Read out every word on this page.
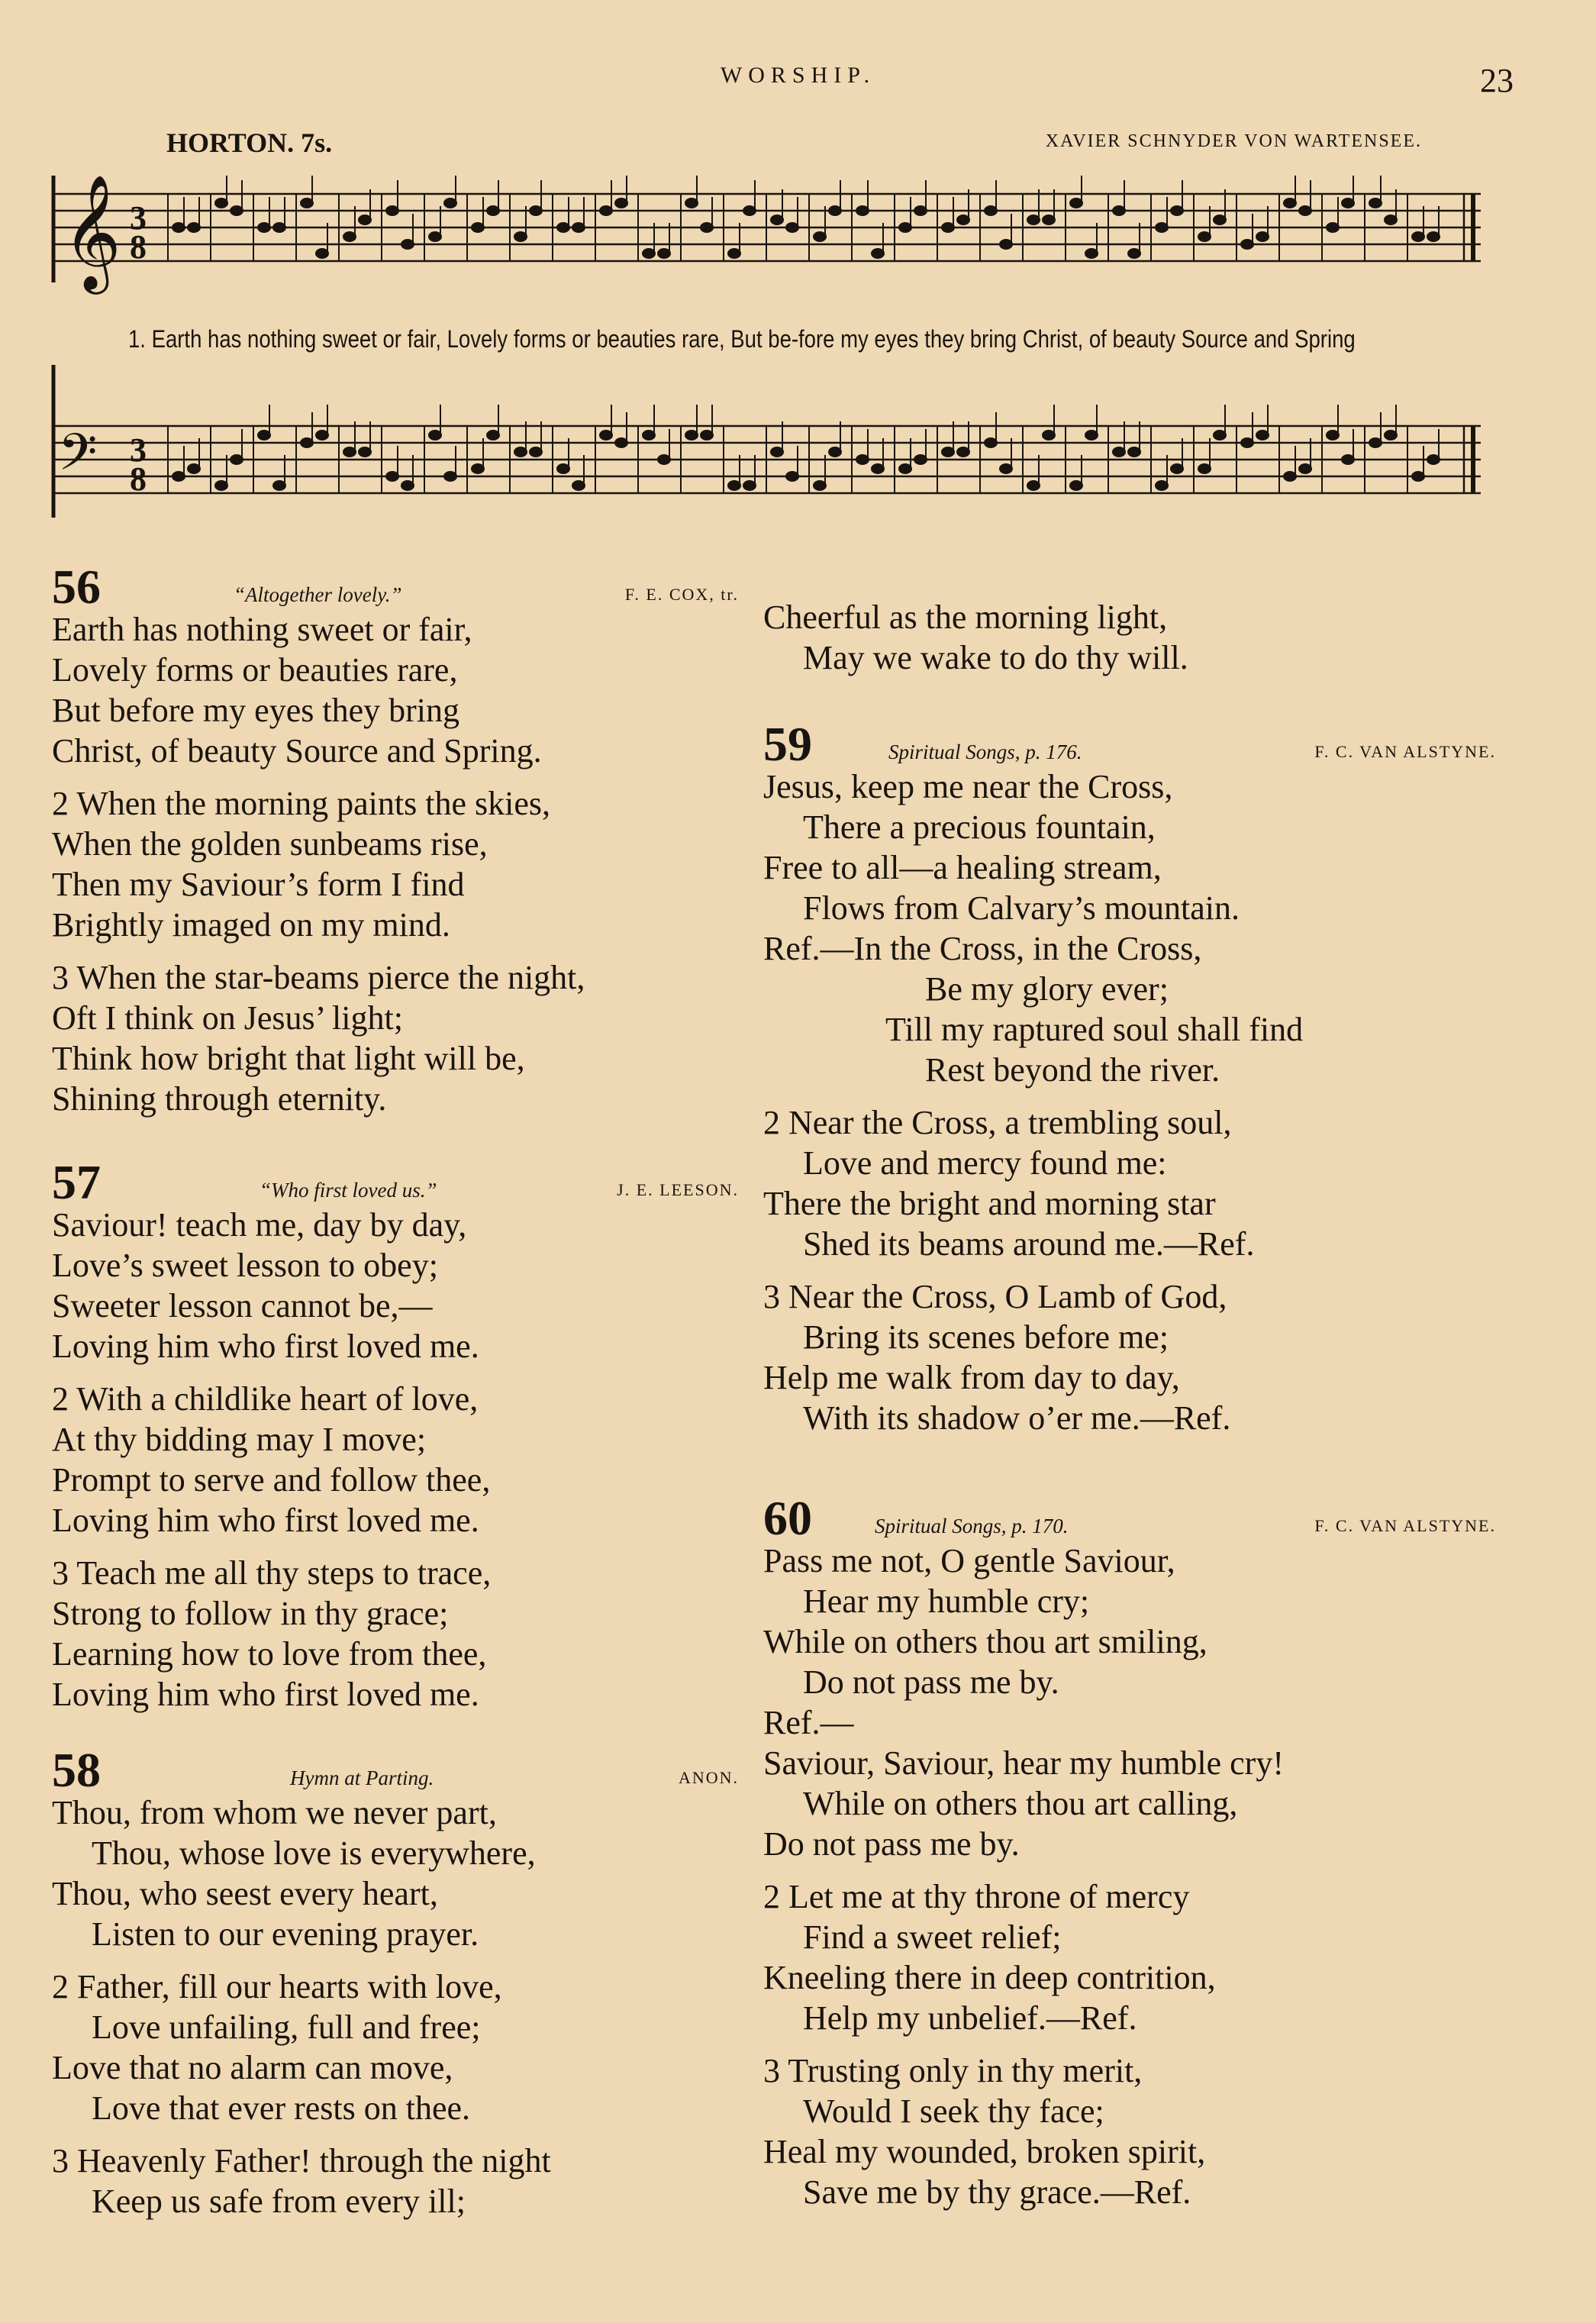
WORSHIP.	23
HORTON. 7s.	XAVIER SCHNYDER VON WARTENSEE.
𝄞 3
8
1. Earth has nothing sweet or fair, Lovely forms or beauties rare, But be-fore my eyes they bring Christ, of beauty Source and Spring
𝄢 3
8
56	“Altogether lovely.”	F. E. COX, tr.
Earth has nothing sweet or fair,
Lovely forms or beauties rare,
But before my eyes they bring
Christ, of beauty Source and Spring.
2 When the morning paints the skies,
When the golden sunbeams rise,
Then my Saviour’s form I find
Brightly imaged on my mind.
3 When the star-beams pierce the night,
Oft I think on Jesus’ light;
Think how bright that light will be,
Shining through eternity.
57	“Who first loved us.”	J. E. LEESON.
Saviour! teach me, day by day,
Love’s sweet lesson to obey;
Sweeter lesson cannot be,—
Loving him who first loved me.
2 With a childlike heart of love,
At thy bidding may I move;
Prompt to serve and follow thee,
Loving him who first loved me.
3 Teach me all thy steps to trace,
Strong to follow in thy grace;
Learning how to love from thee,
Loving him who first loved me.
58	Hymn at Parting.	ANON.
Thou, from whom we never part,
Thou, whose love is everywhere,
Thou, who seest every heart,
Listen to our evening prayer.
2 Father, fill our hearts with love,
Love unfailing, full and free;
Love that no alarm can move,
Love that ever rests on thee.
3 Heavenly Father! through the night
Keep us safe from every ill;
Cheerful as the morning light,
May we wake to do thy will.
59	Spiritual Songs, p. 176.	F. C. VAN ALSTYNE.
Jesus, keep me near the Cross,
There a precious fountain,
Free to all—a healing stream,
Flows from Calvary’s mountain.
Ref.—In the Cross, in the Cross,
Be my glory ever;
Till my raptured soul shall find
Rest beyond the river.
2 Near the Cross, a trembling soul,
Love and mercy found me:
There the bright and morning star
Shed its beams around me.—Ref.
3 Near the Cross, O Lamb of God,
Bring its scenes before me;
Help me walk from day to day,
With its shadow o’er me.—Ref.
60	Spiritual Songs, p. 170.	F. C. VAN ALSTYNE.
Pass me not, O gentle Saviour,
Hear my humble cry;
While on others thou art smiling,
Do not pass me by.
Ref.—
Saviour, Saviour, hear my humble cry!
While on others thou art calling,
Do not pass me by.
2 Let me at thy throne of mercy
Find a sweet relief;
Kneeling there in deep contrition,
Help my unbelief.—Ref.
3 Trusting only in thy merit,
Would I seek thy face;
Heal my wounded, broken spirit,
Save me by thy grace.—Ref.
